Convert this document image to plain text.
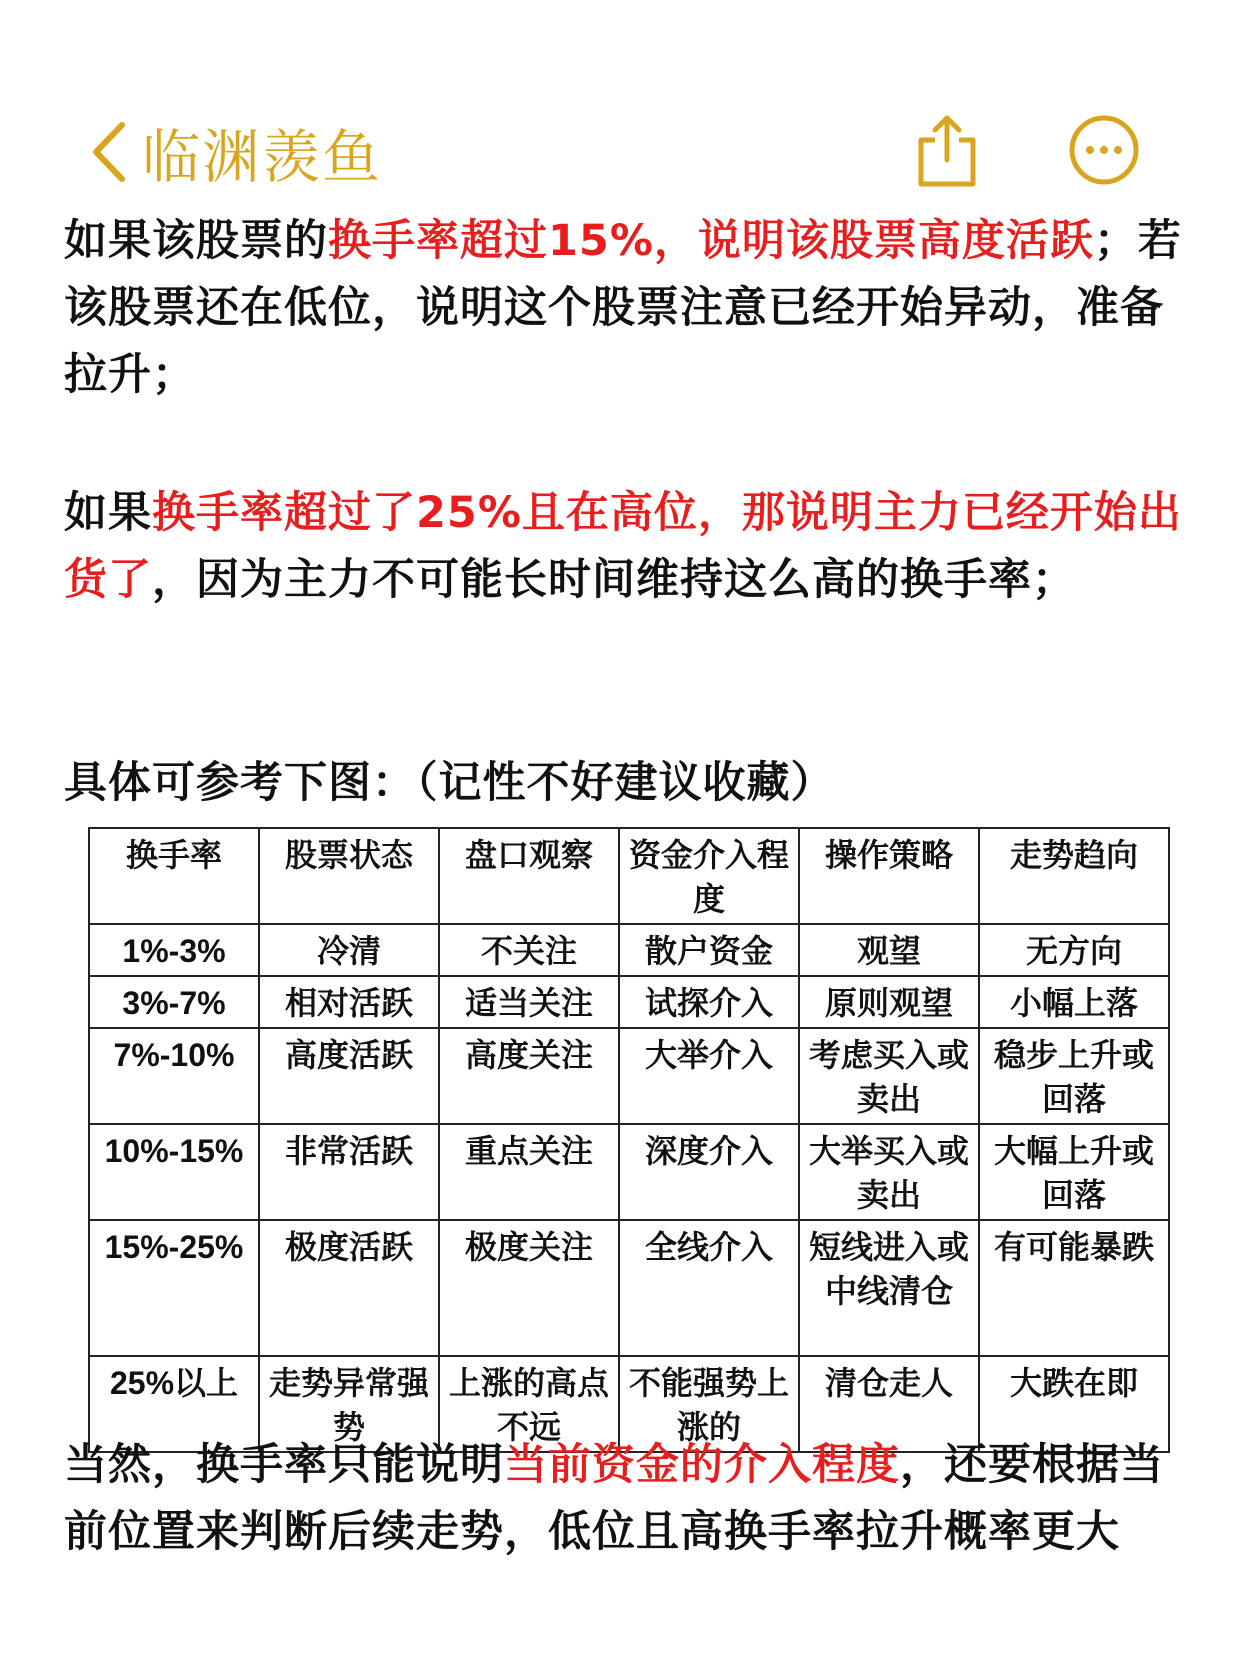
临渊羡鱼

如果该股票的换手率超过15%，说明该股票高度活跃；若该股票还在低位，说明这个股票注意已经开始异动，准备拉升；

如果换手率超过了25%且在高位，那说明主力已经开始出货了，因为主力不可能长时间维持这么高的换手率；

具体可参考下图：（记性不好建议收藏）

换手率	股票状态	盘口观察	资金介入程度	操作策略	走势趋向
1%-3%	冷清	不关注	散户资金	观望	无方向
3%-7%	相对活跃	适当关注	试探介入	原则观望	小幅上落
7%-10%	高度活跃	高度关注	大举介入	考虑买入或卖出	稳步上升或回落
10%-15%	非常活跃	重点关注	深度介入	大举买入或卖出	大幅上升或回落
15%-25%	极度活跃	极度关注	全线介入	短线进入或中线清仓	有可能暴跌
25%以上	走势异常强势	上涨的高点不远	不能强势上涨的	清仓走人	大跌在即

当然，换手率只能说明当前资金的介入程度，还要根据当前位置来判断后续走势，低位且高换手率拉升概率更大
